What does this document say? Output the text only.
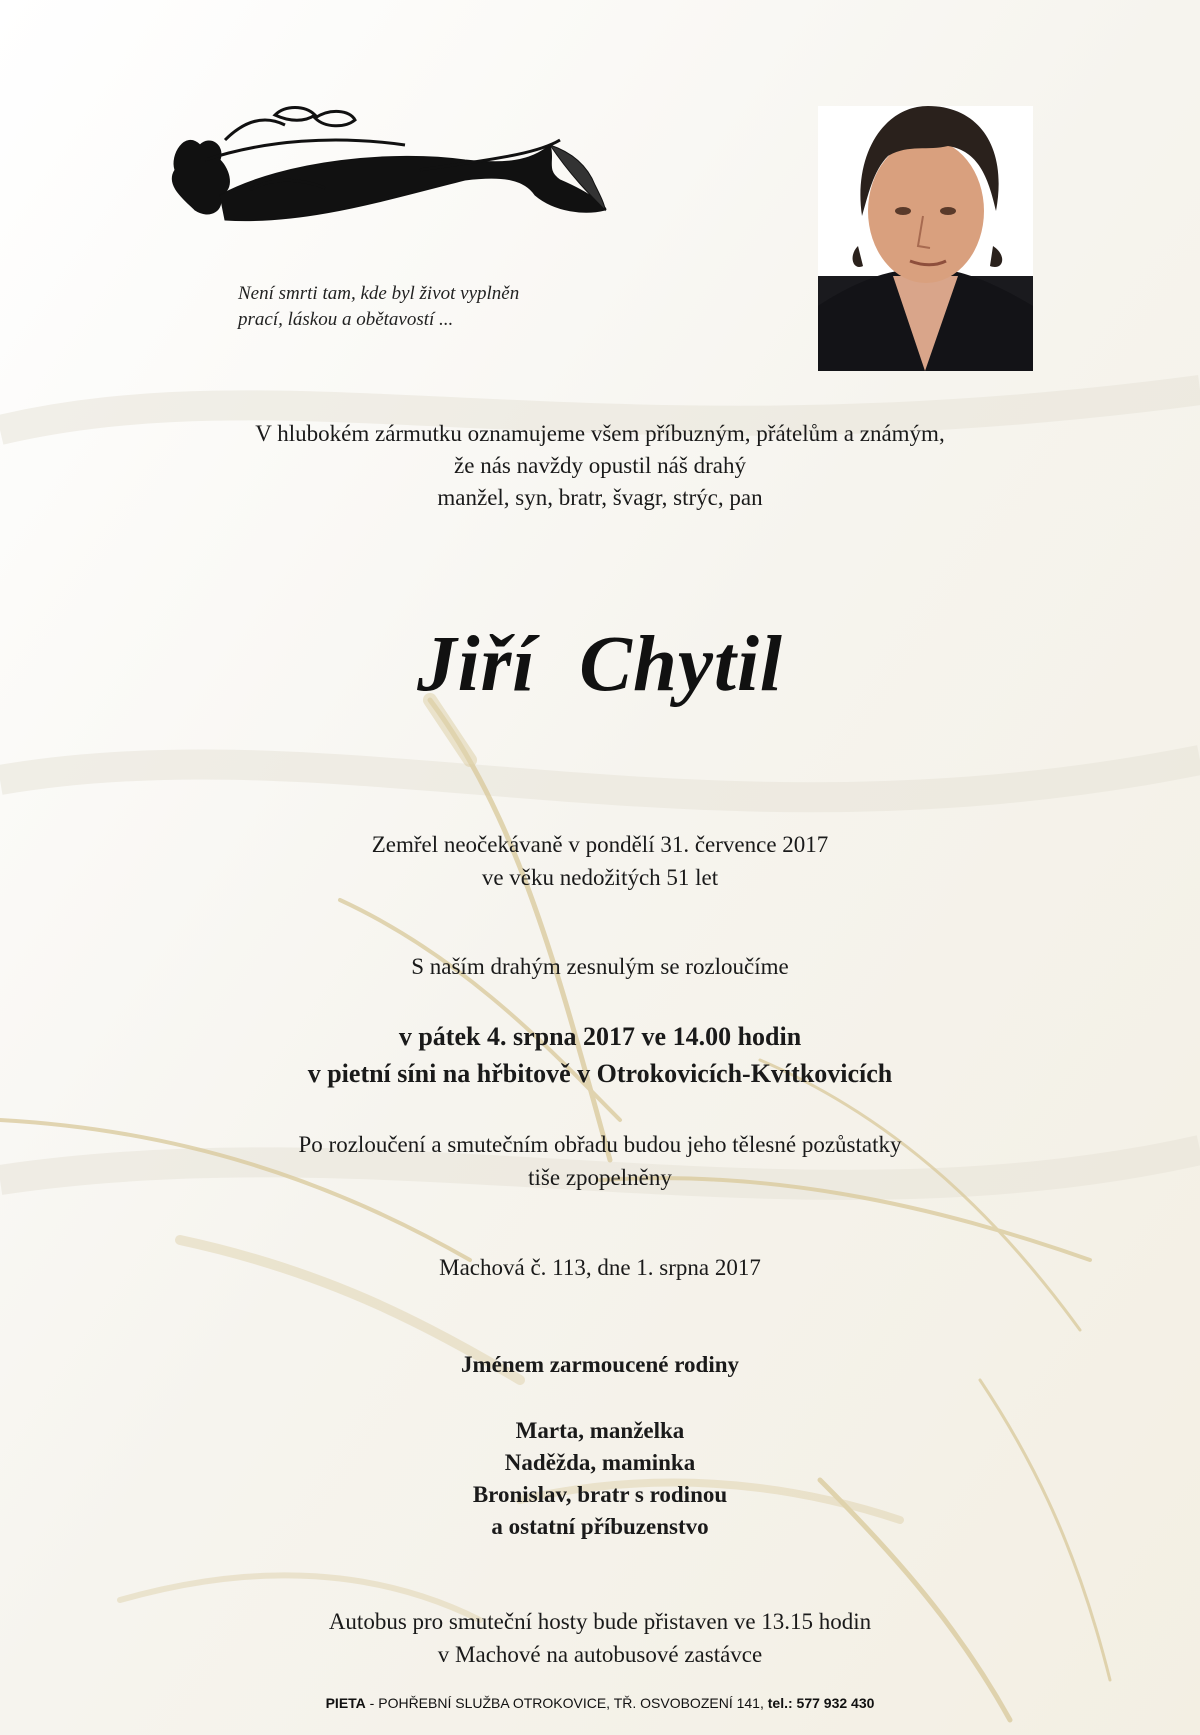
Není smrti tam, kde byl život vyplněn
prací, láskou a obětavostí ...
V hlubokém zármutku oznamujeme všem příbuzným, přátelům a známým,
že nás navždy opustil náš drahý
manžel, syn, bratr, švagr, strýc, pan
Jiří Chytil
Zemřel neočekávaně v pondělí 31. července 2017
ve věku nedožitých 51 let
S naším drahým zesnulým se rozloučíme
v pátek 4. srpna 2017 ve 14.00 hodin
v pietní síni na hřbitově v Otrokovicích-Kvítkovicích
Po rozloučení a smutečním obřadu budou jeho tělesné pozůstatky
tiše zpopelněny
Machová č. 113, dne 1. srpna 2017
Jménem zarmoucené rodiny
Marta, manželka
Naděžda, maminka
Bronislav, bratr s rodinou
a ostatní příbuzenstvo
Autobus pro smuteční hosty bude přistaven ve 13.15 hodin
v Machové na autobusové zastávce
PIETA - POHŘEBNÍ SLUŽBA OTROKOVICE, TŘ. OSVOBOZENÍ 141, tel.: 577 932 430
